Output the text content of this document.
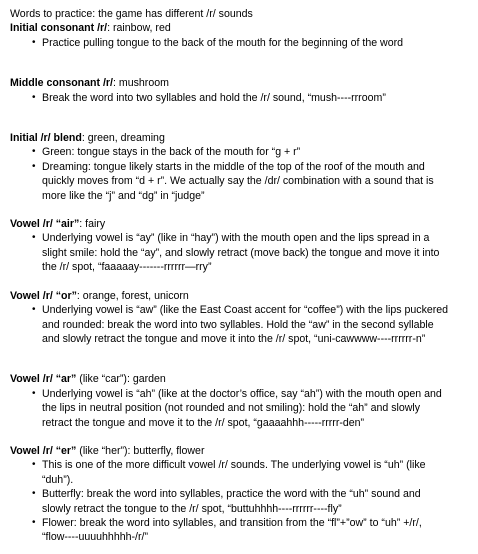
Words to practice: the game has different /r/ sounds
Initial consonant /r/: rainbow, red
• Practice pulling tongue to the back of the mouth for the beginning of the word
Middle consonant /r/: mushroom
• Break the word into two syllables and hold the /r/ sound, “mush----rrroom”
Initial /r/ blend: green, dreaming
• Green: tongue stays in the back of the mouth for “g + r”
• Dreaming: tongue likely starts in the middle of the top of the roof of the mouth and
quickly moves from “d + r”. We actually say the /dr/ combination with a sound that is
more like the “j” and “dg” in “judge”
Vowel /r/ “air”: fairy
• Underlying vowel is “ay” (like in “hay”) with the mouth open and the lips spread in a
slight smile: hold the “ay”, and slowly retract (move back) the tongue and move it into
the /r/ spot, “faaaaay-------rrrrrr—rry”
Vowel /r/ “or”: orange, forest, unicorn
• Underlying vowel is “aw” (like the East Coast accent for “coffee”) with the lips puckered
and rounded: break the word into two syllables. Hold the “aw” in the second syllable
and slowly retract the tongue and move it into the /r/ spot, “uni-cawwww----rrrrrr-n”
Vowel /r/ “ar” (like “car”): garden
• Underlying vowel is “ah” (like at the doctor’s office, say “ah”) with the mouth open and
the lips in neutral position (not rounded and not smiling): hold the “ah” and slowly
retract the tongue and move it to the /r/ spot, “gaaaahhh-----rrrrr-den”
Vowel /r/ “er” (like “her”): butterfly, flower
• This is one of the more difficult vowel /r/ sounds. The underlying vowel is “uh” (like
“duh”).
• Butterfly: break the word into syllables, practice the word with the “uh” sound and
slowly retract the tongue to the /r/ spot, “buttuhhhh----rrrrrr----fly”
• Flower: break the word into syllables, and transition from the “fl”+”ow” to “uh” +/r/,
“flow----uuuuhhhhh-/r/”
